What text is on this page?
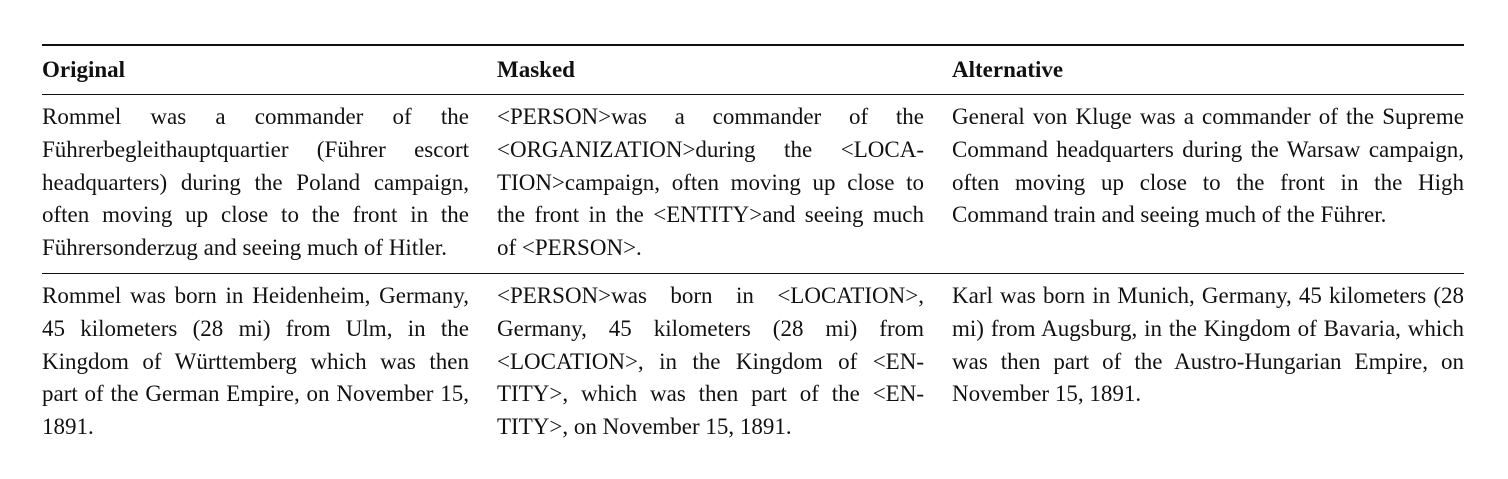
Original	Masked	Alternative
Rommel was a commander of the Führerbegleithauptquartier (Führer escort headquarters) during the Poland campaign, often moving up close to the front in the Führersonderzug and seeing much of Hitler.
<PERSON>was a commander of the <ORGANIZATION>during the <LOCATION>campaign, often moving up close to the front in the <ENTITY>and seeing much of <PERSON>.
General von Kluge was a commander of the Supreme Command headquarters during the Warsaw campaign, often moving up close to the front in the High Command train and seeing much of the Führer.
Rommel was born in Heidenheim, Germany, 45 kilometers (28 mi) from Ulm, in the Kingdom of Württemberg which was then part of the German Empire, on November 15, 1891.
<PERSON>was born in <LOCATION>, Germany, 45 kilometers (28 mi) from <LOCATION>, in the Kingdom of <ENTITY>, which was then part of the <ENTITY>, on November 15, 1891.
Karl was born in Munich, Germany, 45 kilometers (28 mi) from Augsburg, in the Kingdom of Bavaria, which was then part of the Austro-Hungarian Empire, on November 15, 1891.
